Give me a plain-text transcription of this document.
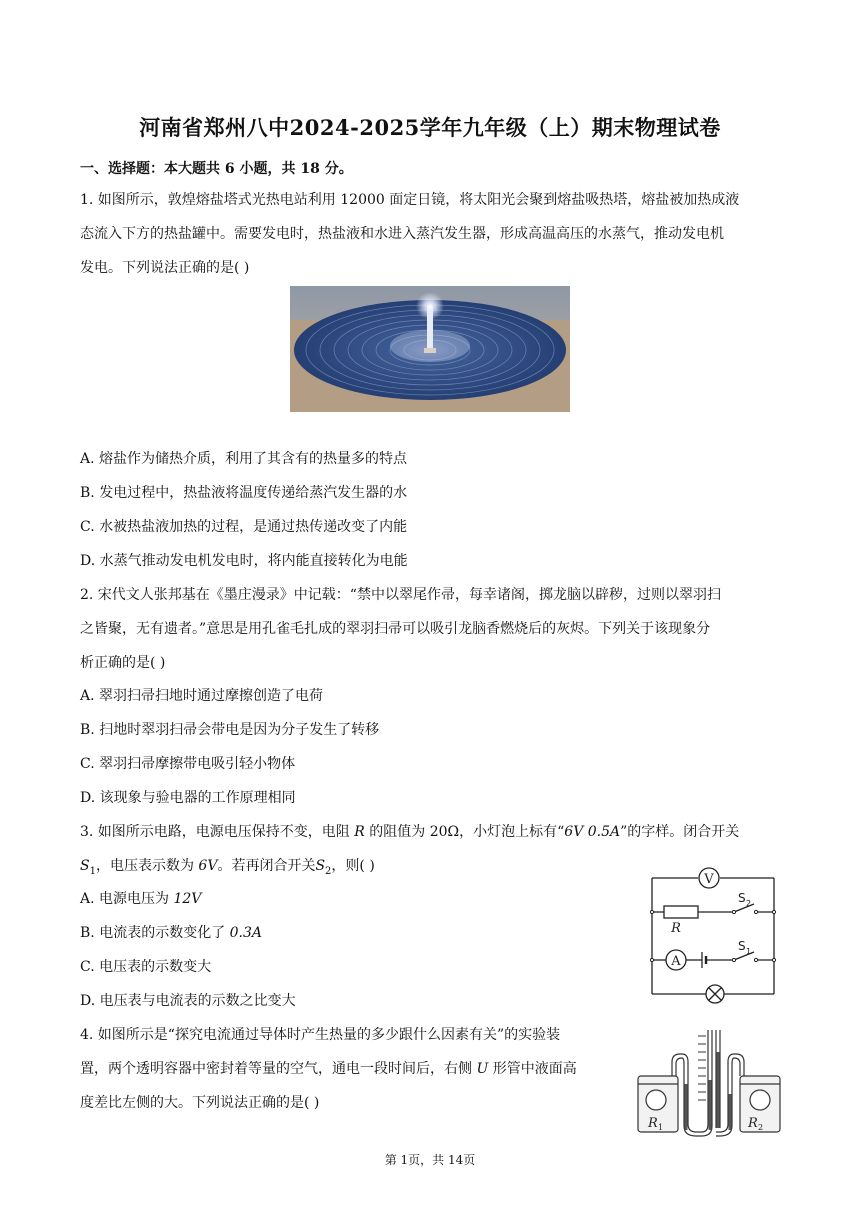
河南省郑州八中2024-2025学年九年级（上）期末物理试卷
一、选择题：本大题共 6 小题，共 18 分。
1. 如图所示，敦煌熔盐塔式光热电站利用 12000 面定日镜，将太阳光会聚到熔盐吸热塔，熔盐被加热成液
态流入下方的热盐罐中。需要发电时，热盐液和水进入蒸汽发生器，形成高温高压的水蒸气，推动发电机
发电。下列说法正确的是( )
A. 熔盐作为储热介质，利用了其含有的热量多的特点
B. 发电过程中，热盐液将温度传递给蒸汽发生器的水
C. 水被热盐液加热的过程，是通过热传递改变了内能
D. 水蒸气推动发电机发电时，将内能直接转化为电能
2. 宋代文人张邦基在《墨庄漫录》中记载：“禁中以翠尾作帚，每幸诸阁，掷龙脑以辟秽，过则以翠羽扫
之皆聚，无有遗者。”意思是用孔雀毛扎成的翠羽扫帚可以吸引龙脑香燃烧后的灰烬。下列关于该现象分
析正确的是( )
A. 翠羽扫帚扫地时通过摩擦创造了电荷
B. 扫地时翠羽扫帚会带电是因为分子发生了转移
C. 翠羽扫帚摩擦带电吸引轻小物体
D. 该现象与验电器的工作原理相同
3. 如图所示电路，电源电压保持不变，电阻 R 的阻值为 20Ω，小灯泡上标有“6V 0.5A”的字样。闭合开关
$S_1$，电压表示数为 6V。若再闭合开关$S_2$，则( )
A. 电源电压为 12V
B. 电流表的示数变化了 0.3A
C. 电压表的示数变大
D. 电压表与电流表的示数之比变大
V
A
R
S 2
S 1
4. 如图所示是“探究电流通过导体时产生热量的多少跟什么因素有关”的实验装
置，两个透明容器中密封着等量的空气，通电一段时间后，右侧 U 形管中液面高
度差比左侧的大。下列说法正确的是( )
R 1	R 2
第 1页，共 14页
